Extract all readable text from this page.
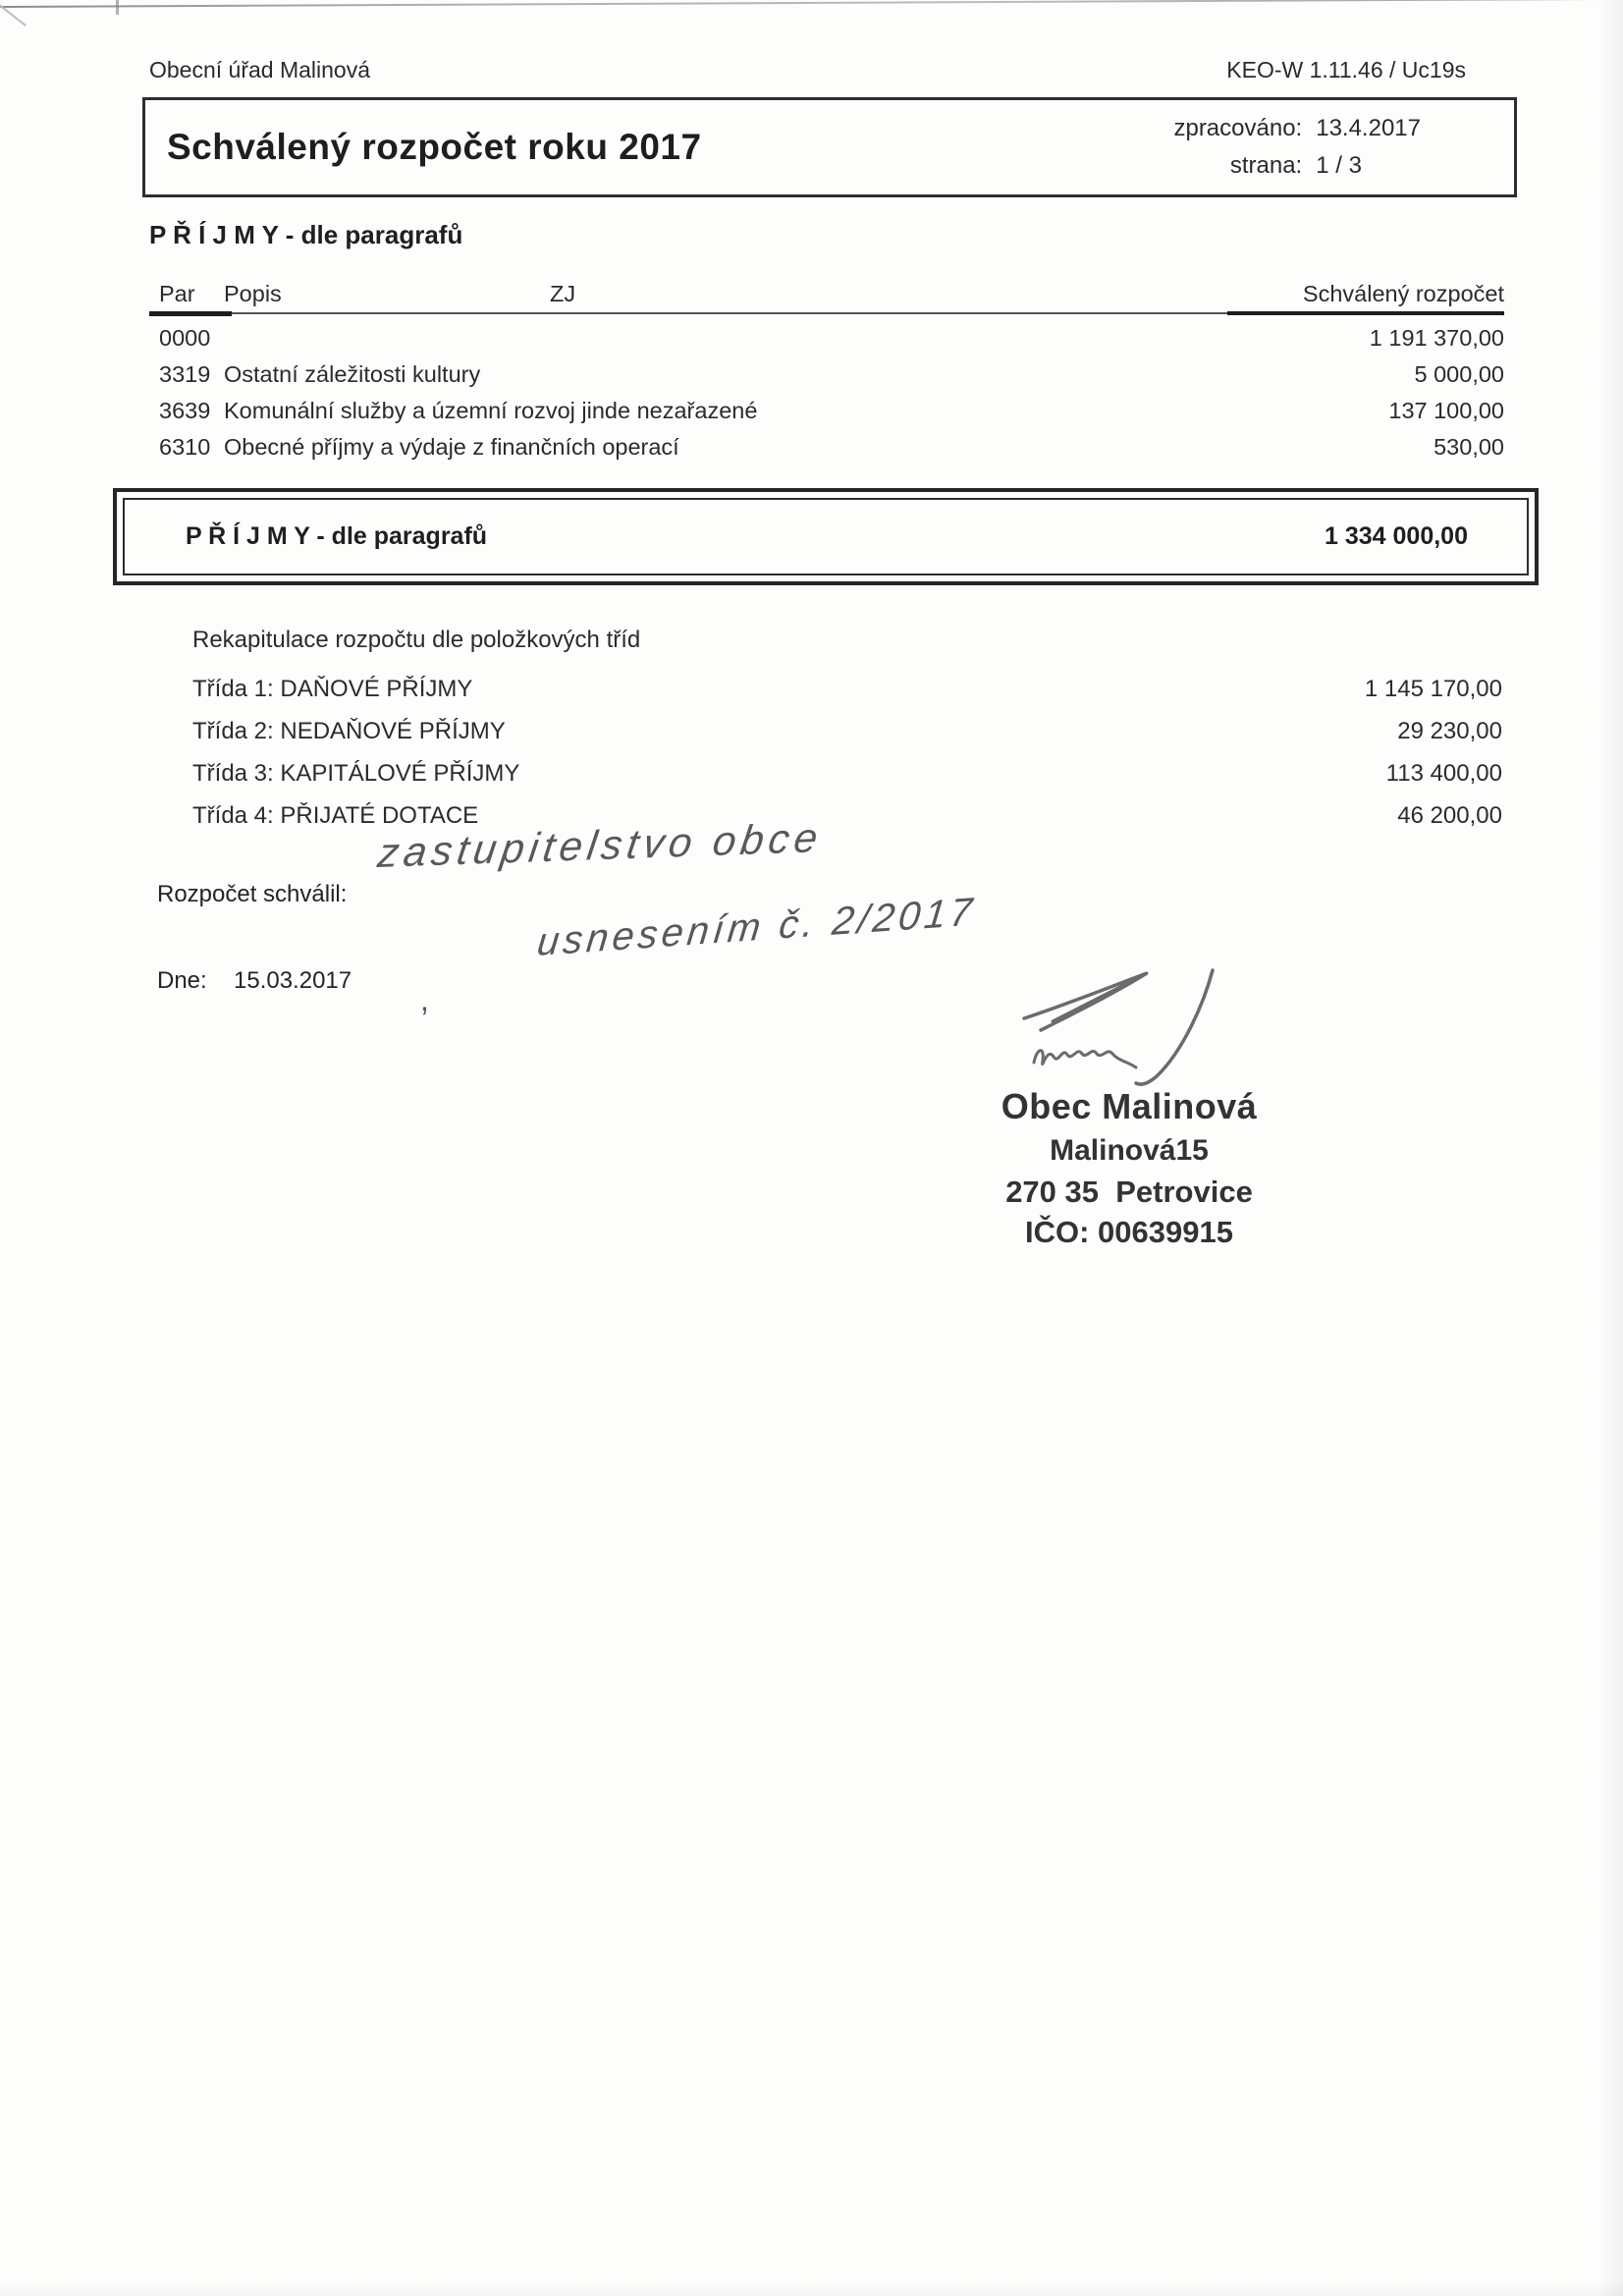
Obecní úřad Malinová	KEO-W 1.11.46 / Uc19s
Schválený rozpočet roku 2017	zpracováno: 13.4.2017
strana: 1 / 3
P Ř Í J M Y - dle paragrafů
Par Popis	ZJ	Schválený rozpočet
0000	1 191 370,00
3319 Ostatní záležitosti kultury	5 000,00
3639 Komunální služby a územní rozvoj jinde nezařazené	137 100,00
6310 Obecné příjmy a výdaje z finančních operací	530,00
P Ř Í J M Y - dle paragrafů	1 334 000,00
Rekapitulace rozpočtu dle položkových tříd
Třída 1: DAŇOVÉ PŘÍJMY	1 145 170,00
Třída 2: NEDAŇOVÉ PŘÍJMY	29 230,00
Třída 3: KAPITÁLOVÉ PŘÍJMY	113 400,00
Třída 4: PŘIJATÉ DOTACE	46 200,00
Rozpočet schválil:
zastupitelstvo obce
Dne: 15.03.2017
,
usnesením č. 2/2017
Obec Malinová
Malinová15
270 35  Petrovice
IČO: 00639915
